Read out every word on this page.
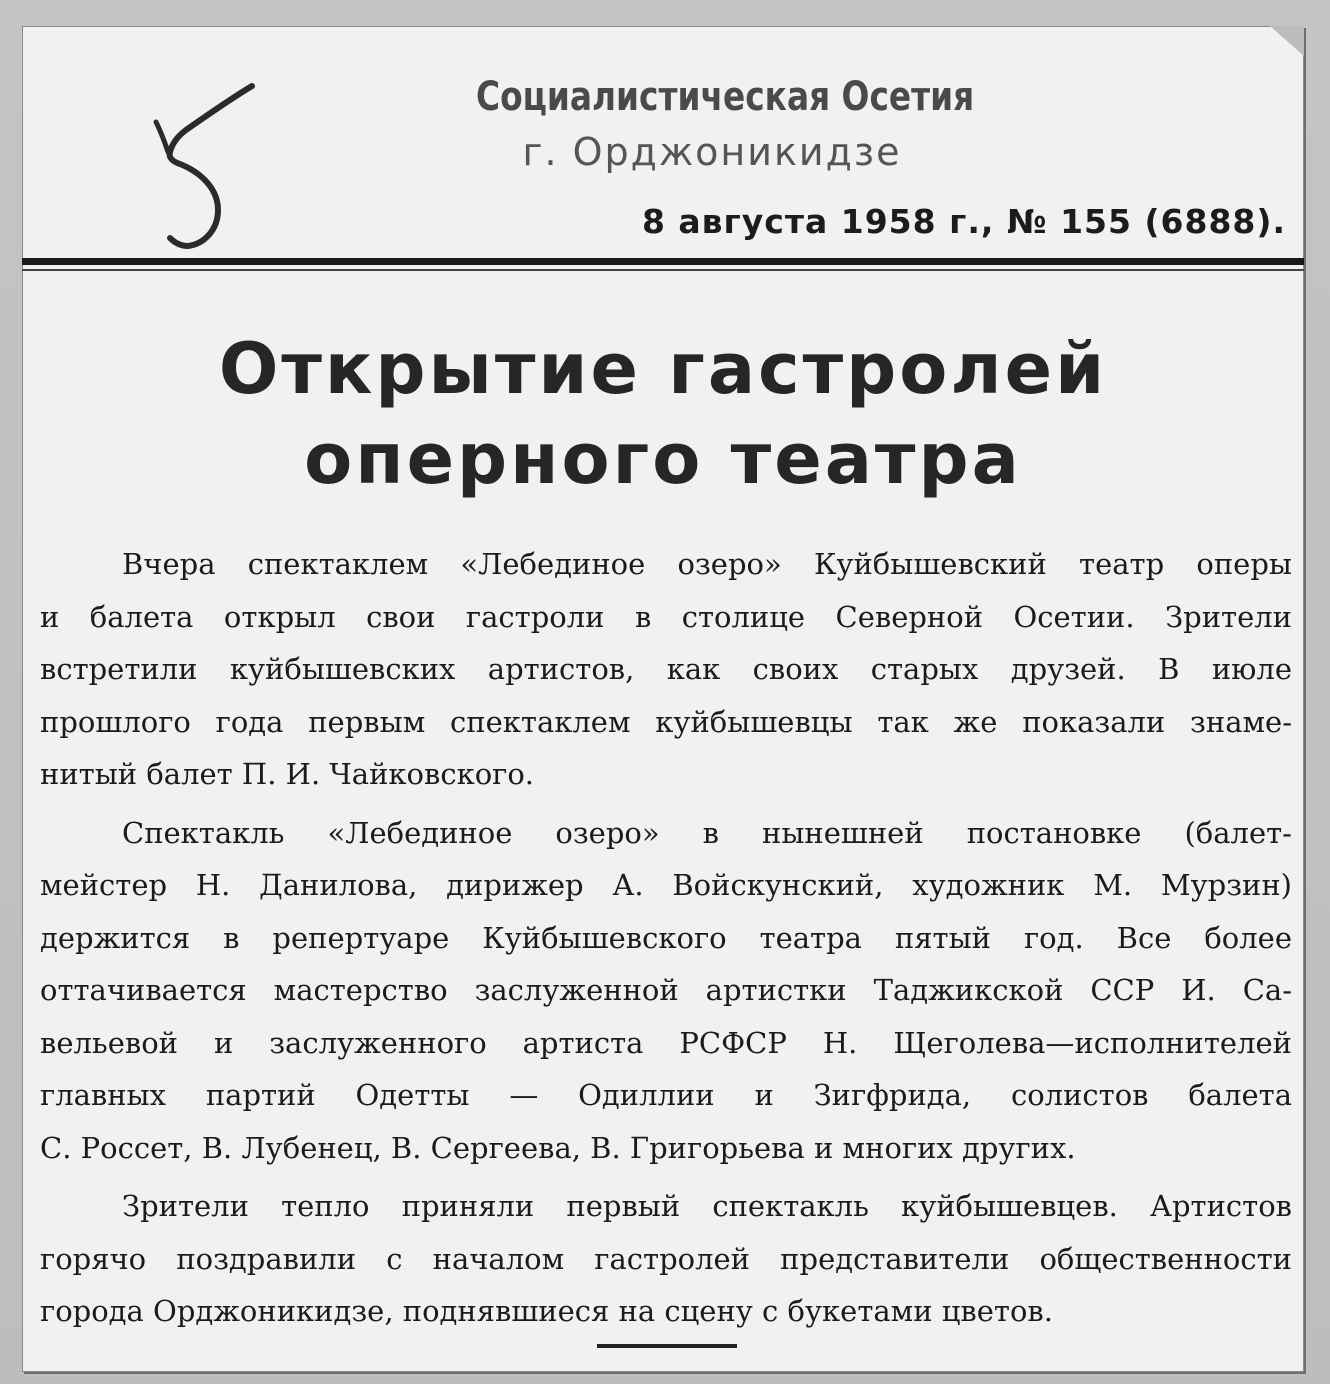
Социалистическая Осетия
г. Орджоникидзе
8 августа 1958 г., № 155 (6888).
Открытие гастролей
оперного театра
Вчера спектаклем «Лебединое озеро» Куйбышевский театр оперы
и балета открыл свои гастроли в столице Северной Осетии. Зрители
встретили куйбышевских артистов, как своих старых друзей. В июле
прошлого года первым спектаклем куйбышевцы так же показали знаме-
нитый балет П. И. Чайковского.
Спектакль «Лебединое озеро» в нынешней постановке (балет-
мейстер Н. Данилова, дирижер А. Войскунский, художник М. Мурзин)
держится в репертуаре Куйбышевского театра пятый год. Все более
оттачивается мастерство заслуженной артистки Таджикской ССР И. Са-
вельевой и заслуженного артиста РСФСР Н. Щеголева—исполнителей
главных партий Одетты — Одиллии и Зигфрида, солистов балета
С. Россет, В. Лубенец, В. Сергеева, В. Григорьева и многих других.
Зрители тепло приняли первый спектакль куйбышевцев. Артистов
горячо поздравили с началом гастролей представители общественности
города Орджоникидзе, поднявшиеся на сцену с букетами цветов.
